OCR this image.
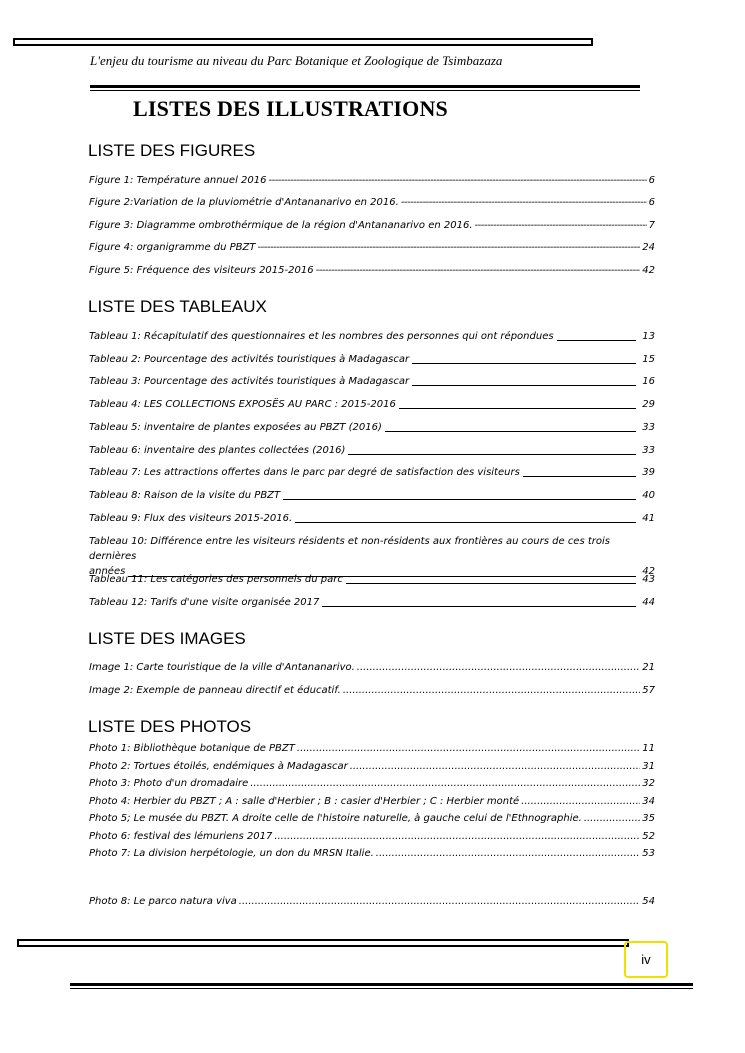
L'enjeu du tourisme au niveau du Parc Botanique et Zoologique de Tsimbazaza
LISTES DES ILLUSTRATIONS
LISTE DES FIGURES
Figure 1: Température annuel 2016 -----	6
Figure 2:Variation de la pluviométrie d'Antananarivo en 2016. -----	6
Figure 3: Diagramme ombrothérmique de la région d'Antananarivo en 2016. -----	7
Figure 4: organigramme du PBZT -----	24
Figure 5: Fréquence des visiteurs 2015-2016 -----	42
LISTE DES TABLEAUX
Tableau 1: Récapitulatif des questionnaires et les nombres des personnes qui ont répondues	13
Tableau 2: Pourcentage des activités touristiques à Madagascar	15
Tableau 3: Pourcentage des activités touristiques à Madagascar	16
Tableau 4: LES COLLECTIONS EXPOSËS AU PARC : 2015-2016	29
Tableau 5: inventaire de plantes exposées au PBZT (2016)	33
Tableau 6: inventaire des plantes collectées (2016)	33
Tableau 7: Les attractions offertes dans le parc par degré de satisfaction des visiteurs	39
Tableau 8: Raison de la visite du PBZT	40
Tableau 9: Flux des visiteurs 2015-2016.	41
Tableau 10: Différence entre les visiteurs résidents et non-résidents aux frontières au cours de ces trois dernières
années	42
Tableau 11: Les catégories des personnels du parc	43
Tableau 12: Tarifs d'une visite organisée 2017	44
LISTE DES IMAGES
Image 1: Carte touristique de la ville d'Antananarivo. .....	21
Image 2: Exemple de panneau directif et éducatif. .....	57
LISTE DES PHOTOS
Photo 1: Bibliothèque botanique de PBZT .....	11
Photo 2: Tortues étoilés, endémiques à Madagascar .....	31
Photo 3: Photo d'un dromadaire .....	32
Photo 4: Herbier du PBZT ; A : salle d'Herbier ; B : casier d'Herbier ; C : Herbier monté .....	34
Photo 5; Le musée du PBZT. A droite celle de l'histoire naturelle, à gauche celui de l'Ethnographie. .....	35
Photo 6: festival des lémuriens 2017 .....	52
Photo 7: La division herpétologie, un don du MRSN Italie. .....	53
Photo 8: Le parco natura viva .....	54
iv
